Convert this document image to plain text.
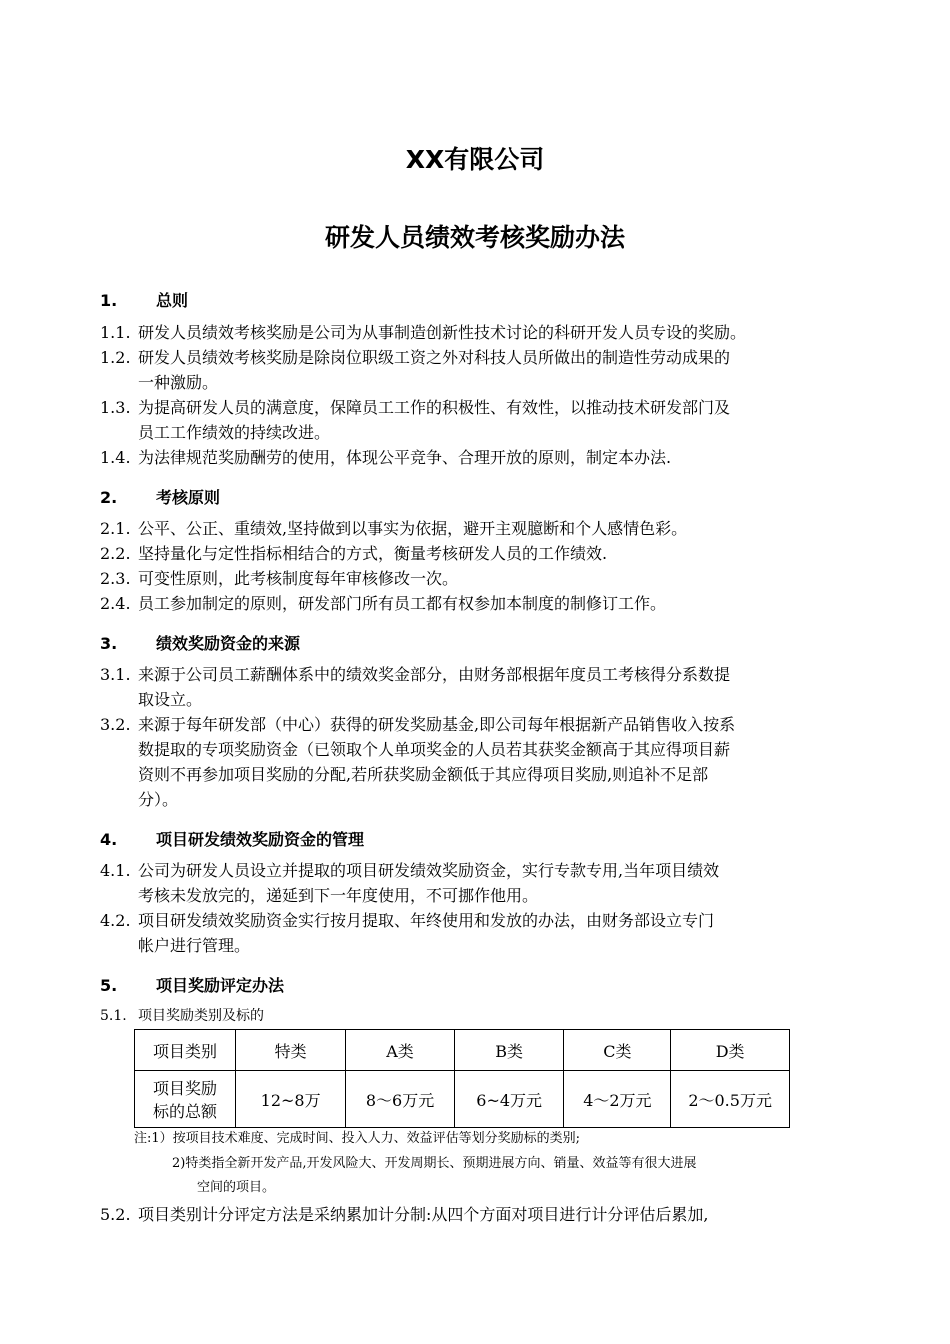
XX有限公司
研发人员绩效考核奖励办法
1. 总则
1.1. 研发人员绩效考核奖励是公司为从事制造创新性技术讨论的科研开发人员专设的奖励。
1.2. 研发人员绩效考核奖励是除岗位职级工资之外对科技人员所做出的制造性劳动成果的
一种激励。
1.3. 为提高研发人员的满意度，保障员工工作的积极性、有效性，以推动技术研发部门及
员工工作绩效的持续改进。
1.4. 为法律规范奖励酬劳的使用，体现公平竞争、合理开放的原则，制定本办法.
2. 考核原则
2.1. 公平、公正、重绩效,坚持做到以事实为依据，避开主观臆断和个人感情色彩。
2.2. 坚持量化与定性指标相结合的方式，衡量考核研发人员的工作绩效.
2.3. 可变性原则，此考核制度每年审核修改一次。
2.4. 员工参加制定的原则，研发部门所有员工都有权参加本制度的制修订工作。
3. 绩效奖励资金的来源
3.1. 来源于公司员工薪酬体系中的绩效奖金部分，由财务部根据年度员工考核得分系数提
取设立。
3.2. 来源于每年研发部（中心）获得的研发奖励基金,即公司每年根据新产品销售收入按系
数提取的专项奖励资金（已领取个人单项奖金的人员若其获奖金额高于其应得项目薪
资则不再参加项目奖励的分配,若所获奖励金额低于其应得项目奖励,则追补不足部
分）。
4. 项目研发绩效奖励资金的管理
4.1. 公司为研发人员设立并提取的项目研发绩效奖励资金，实行专款专用,当年项目绩效
考核未发放完的，递延到下一年度使用，不可挪作他用。
4.2. 项目研发绩效奖励资金实行按月提取、年终使用和发放的办法，由财务部设立专门
帐户进行管理。
5. 项目奖励评定办法
5.1. 项目奖励类别及标的
项目类别	特类	A类	B类	C类	D类

项目奖励
标的总额	12~8万	8～6万元	6~4万元	4～2万元	2～0.5万元
注:1）按项目技术难度、完成时间、投入人力、效益评估等划分奖励标的类别;
2)特类指全新开发产品,开发风险大、开发周期长、预期进展方向、销量、效益等有很大进展
空间的项目。
5.2. 项目类别计分评定方法是采纳累加计分制:从四个方面对项目进行计分评估后累加,
